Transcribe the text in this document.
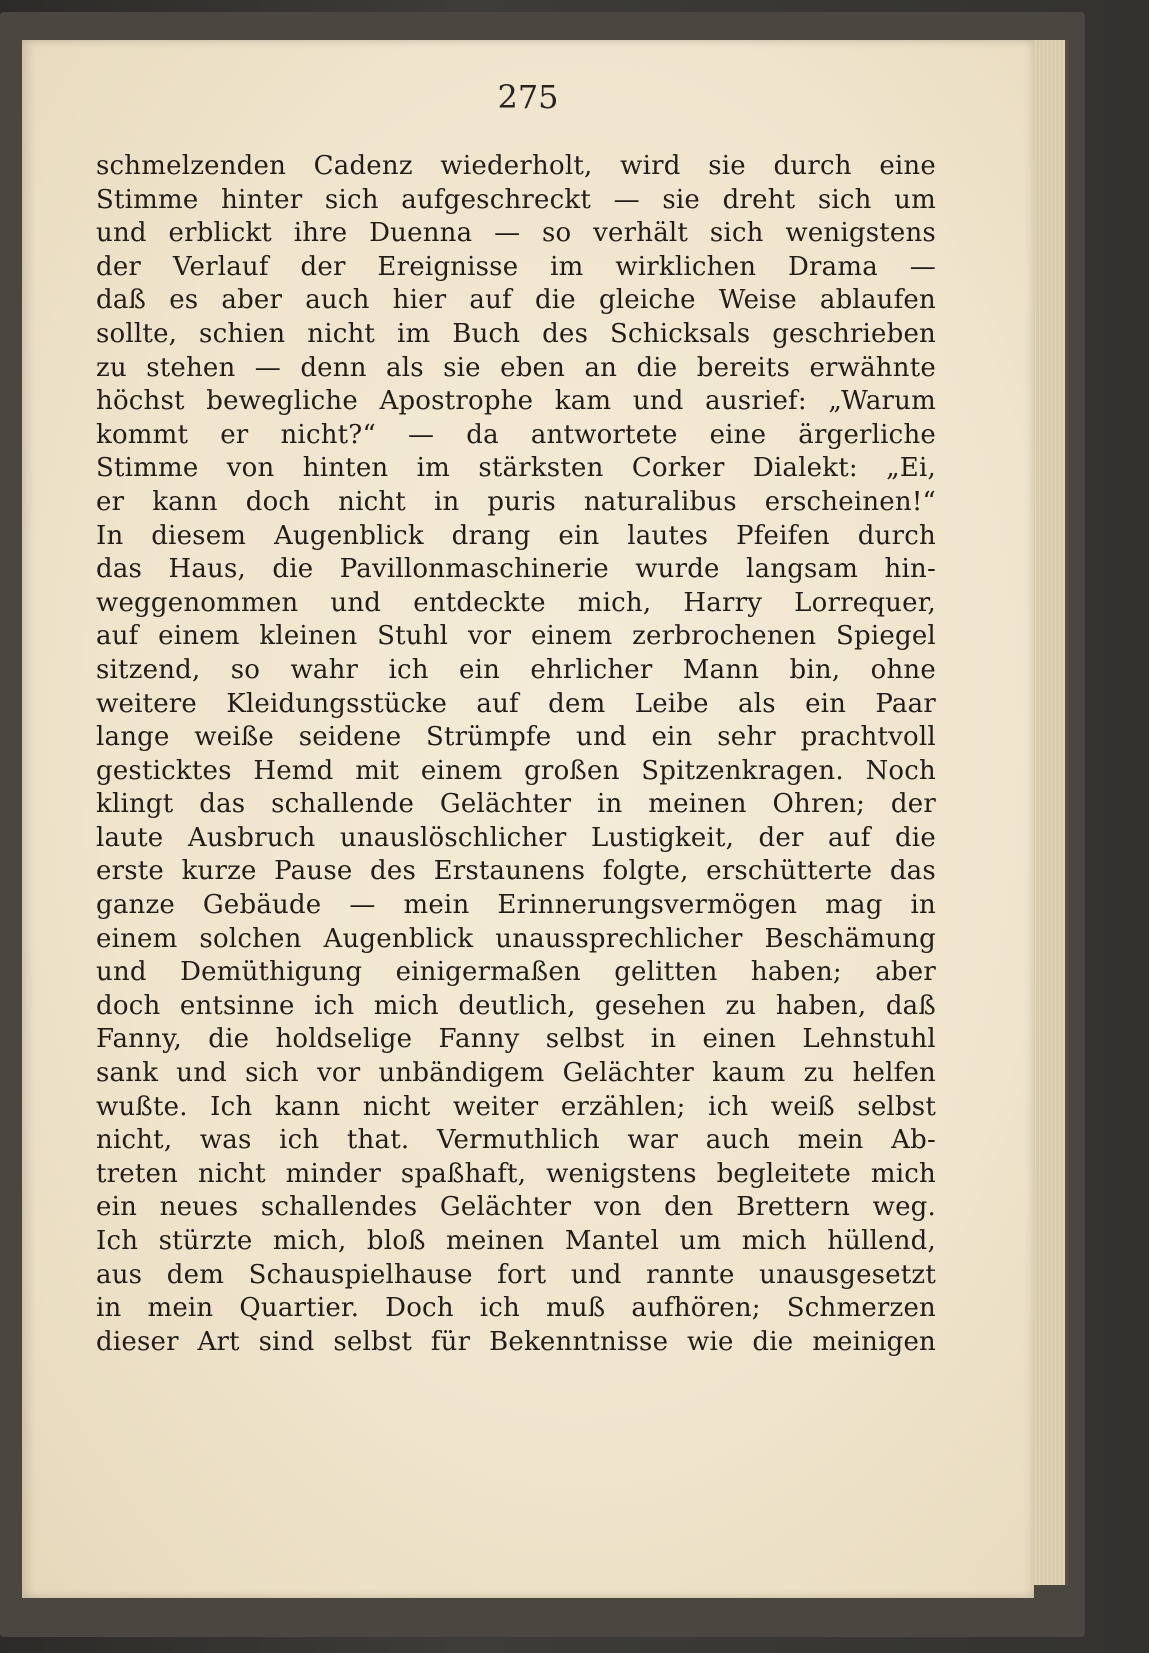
275
schmelzenden Cadenz wiederholt, wird sie durch eine
Stimme hinter sich aufgeschreckt — sie dreht sich um
und erblickt ihre Duenna — so verhält sich wenigstens
der Verlauf der Ereignisse im wirklichen Drama —
daß es aber auch hier auf die gleiche Weise ablaufen
sollte, schien nicht im Buch des Schicksals geschrieben
zu stehen — denn als sie eben an die bereits erwähnte
höchst bewegliche Apostrophe kam und ausrief: „Warum
kommt er nicht?“ — da antwortete eine ärgerliche
Stimme von hinten im stärksten Corker Dialekt: „Ei,
er kann doch nicht in puris naturalibus erscheinen!“
In diesem Augenblick drang ein lautes Pfeifen durch
das Haus, die Pavillonmaschinerie wurde langsam hin-
weggenommen und entdeckte mich, Harry Lorrequer,
auf einem kleinen Stuhl vor einem zerbrochenen Spiegel
sitzend, so wahr ich ein ehrlicher Mann bin, ohne
weitere Kleidungsstücke auf dem Leibe als ein Paar
lange weiße seidene Strümpfe und ein sehr prachtvoll
gesticktes Hemd mit einem großen Spitzenkragen. Noch
klingt das schallende Gelächter in meinen Ohren; der
laute Ausbruch unauslöschlicher Lustigkeit, der auf die
erste kurze Pause des Erstaunens folgte, erschütterte das
ganze Gebäude — mein Erinnerungsvermögen mag in
einem solchen Augenblick unaussprechlicher Beschämung
und Demüthigung einigermaßen gelitten haben; aber
doch entsinne ich mich deutlich, gesehen zu haben, daß
Fanny, die holdselige Fanny selbst in einen Lehnstuhl
sank und sich vor unbändigem Gelächter kaum zu helfen
wußte. Ich kann nicht weiter erzählen; ich weiß selbst
nicht, was ich that. Vermuthlich war auch mein Ab-
treten nicht minder spaßhaft, wenigstens begleitete mich
ein neues schallendes Gelächter von den Brettern weg.
Ich stürzte mich, bloß meinen Mantel um mich hüllend,
aus dem Schauspielhause fort und rannte unausgesetzt
in mein Quartier. Doch ich muß aufhören; Schmerzen
dieser Art sind selbst für Bekenntnisse wie die meinigen
